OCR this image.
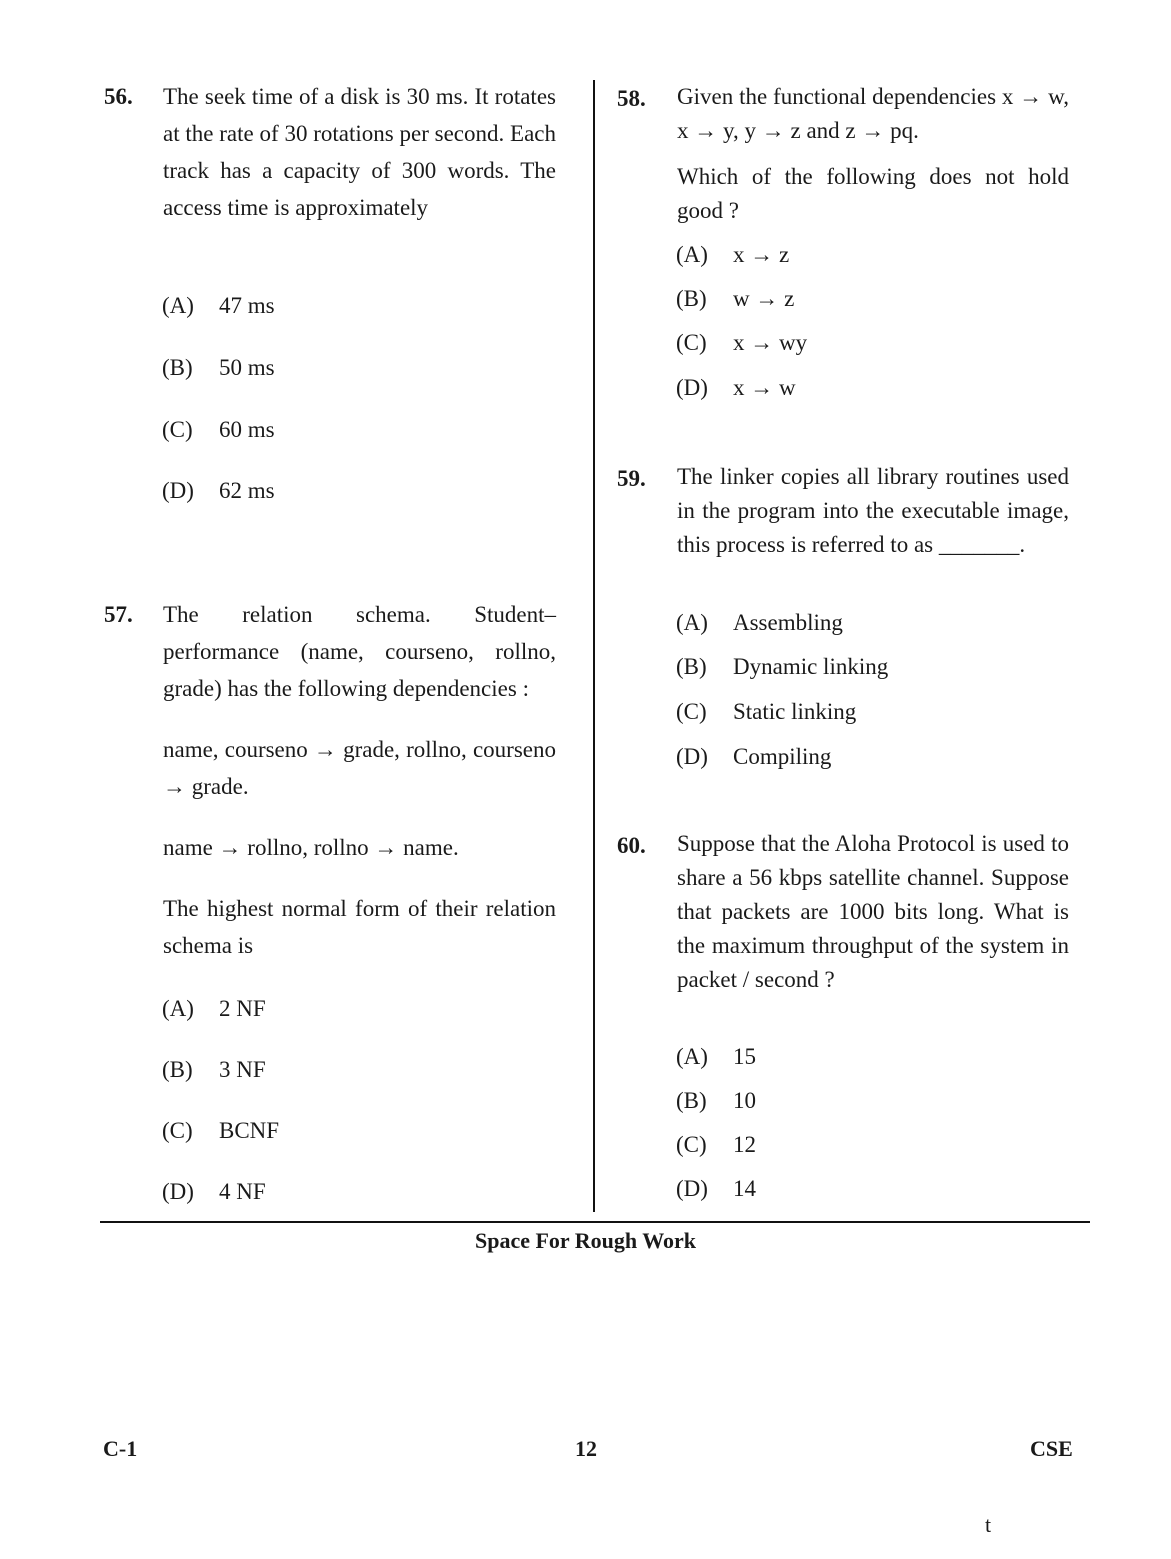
56.	The seek time of a disk is 30 ms. It rotates at the rate of 30 rotations per second. Each track has a capacity of 300 words. The access time is approximately

(A) 47 ms
(B) 50 ms
(C) 60 ms
(D) 62 ms
57.	The relation schema. Student–performance (name, courseno, rollno, grade) has the following dependencies :

name, courseno → grade, rollno, courseno → grade.

name → rollno, rollno → name.

The highest normal form of their relation schema is

(A) 2 NF
(B) 3 NF
(C) BCNF
(D) 4 NF
58.	Given the functional dependencies x → w, x → y, y → z and z → pq.

Which of the following does not hold good ?

(A) x → z
(B) w → z
(C) x → wy
(D) x → w
59.	The linker copies all library routines used in the program into the executable image, this process is referred to as _______.

(A) Assembling
(B) Dynamic linking
(C) Static linking
(D) Compiling
60.	Suppose that the Aloha Protocol is used to share a 56 kbps satellite channel. Suppose that packets are 1000 bits long. What is the maximum throughput of the system in packet / second ?

(A) 15
(B) 10
(C) 12
(D) 14
Space For Rough Work
C-1	12	CSE
t
